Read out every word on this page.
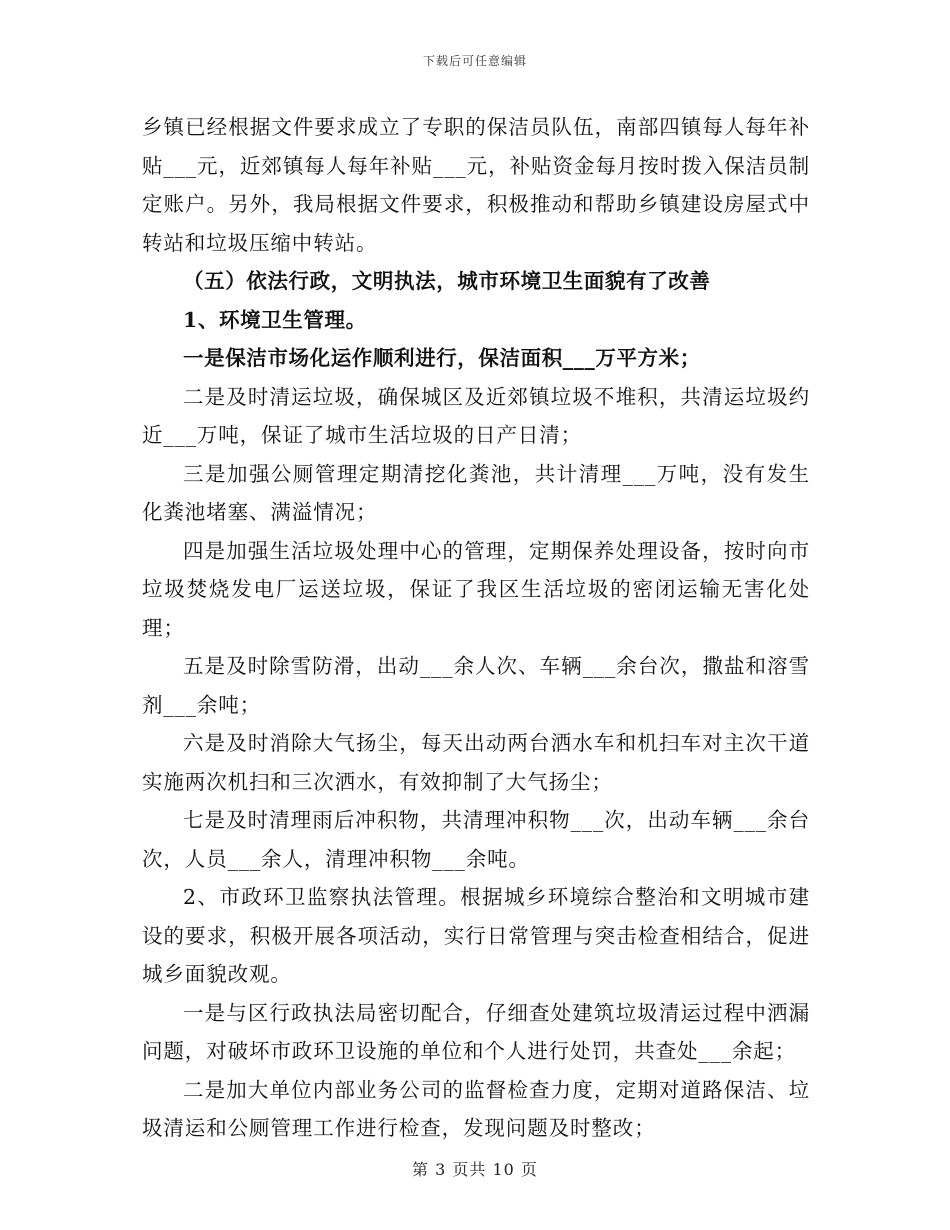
下载后可任意编辑

乡镇已经根据文件要求成立了专职的保洁员队伍，南部四镇每人每年补贴___元，近郊镇每人每年补贴___元，补贴资金每月按时拨入保洁员制定账户。另外，我局根据文件要求，积极推动和帮助乡镇建设房屋式中转站和垃圾压缩中转站。

（五）依法行政，文明执法，城市环境卫生面貌有了改善

1、环境卫生管理。

一是保洁市场化运作顺利进行，保洁面积___万平方米；

二是及时清运垃圾，确保城区及近郊镇垃圾不堆积，共清运垃圾约近___万吨，保证了城市生活垃圾的日产日清；

三是加强公厕管理定期清挖化粪池，共计清理___万吨，没有发生化粪池堵塞、满溢情况；

四是加强生活垃圾处理中心的管理，定期保养处理设备，按时向市垃圾焚烧发电厂运送垃圾，保证了我区生活垃圾的密闭运输无害化处理；

五是及时除雪防滑，出动___余人次、车辆___余台次，撒盐和溶雪剂___余吨；

六是及时消除大气扬尘，每天出动两台洒水车和机扫车对主次干道实施两次机扫和三次洒水，有效抑制了大气扬尘；

七是及时清理雨后冲积物，共清理冲积物___次，出动车辆___余台次，人员___余人，清理冲积物___余吨。

2、市政环卫监察执法管理。根据城乡环境综合整治和文明城市建设的要求，积极开展各项活动，实行日常管理与突击检查相结合，促进城乡面貌改观。

一是与区行政执法局密切配合，仔细查处建筑垃圾清运过程中洒漏问题，对破坏市政环卫设施的单位和个人进行处罚，共查处___余起；

二是加大单位内部业务公司的监督检查力度，定期对道路保洁、垃圾清运和公厕管理工作进行检查，发现问题及时整改；

第 3 页共 10 页
